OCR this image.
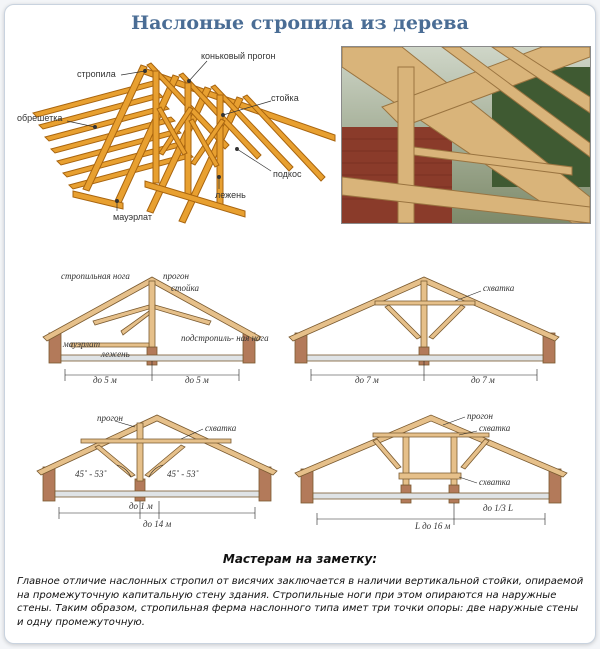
Наслоные стропила из дерева
стропила
коньковый прогон
обрешетка
стойка
подкос
лежень
мауэрлат
стропильная нога	прогон
стойка
мауэрлат
лежень
подстропиль- ная нога
до 5 м	до 5 м
схватка
до 7 м	до 7 м
прогон
схватка
45˚ - 53˚	45˚ - 53˚
до 1 м
до 14 м
прогон
схватка
схватка
L до 16 м
до 1/3 L
Мастерам на заметку:
Главное отличие наслонных стропил от висячих заключается в наличии вертикальной стойки, опираемой на промежуточную капитальную стену здания. Стропильные ноги при этом опираются на наружные стены. Таким образом, стропильная ферма наслонного типа имет три точки опоры: две наружные стены и одну промежуточную.
